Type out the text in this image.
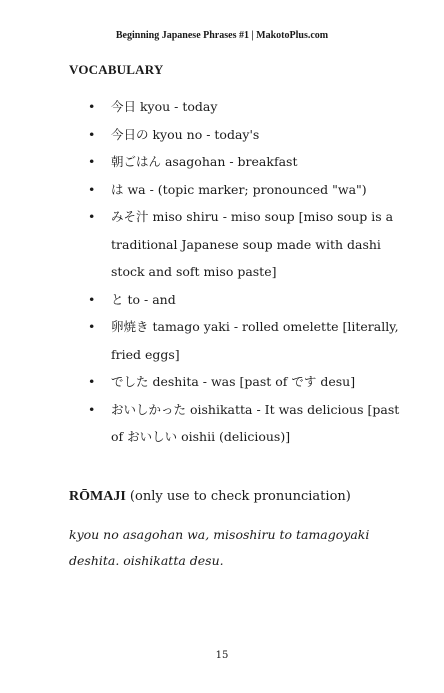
Beginning Japanese Phrases #1 | MakotoPlus.com
VOCABULARY
• 今日 kyou - today
• 今日の kyou no - today's
• 朝ごはん asagohan - breakfast
• は wa - (topic marker; pronounced "wa")
• みそ汁 miso shiru - miso soup [miso soup is a traditional Japanese soup made with dashi stock and soft miso paste]
• と to - and
• 卵焼き tamago yaki - rolled omelette [literally, fried eggs]
• でした deshita - was [past of です desu]
• おいしかった oishikatta - It was delicious [past of おいしい oishii (delicious)]
RŌMAJI (only use to check pronunciation)
kyou no asagohan wa, misoshiru to tamagoyaki deshita. oishikatta desu.
15
